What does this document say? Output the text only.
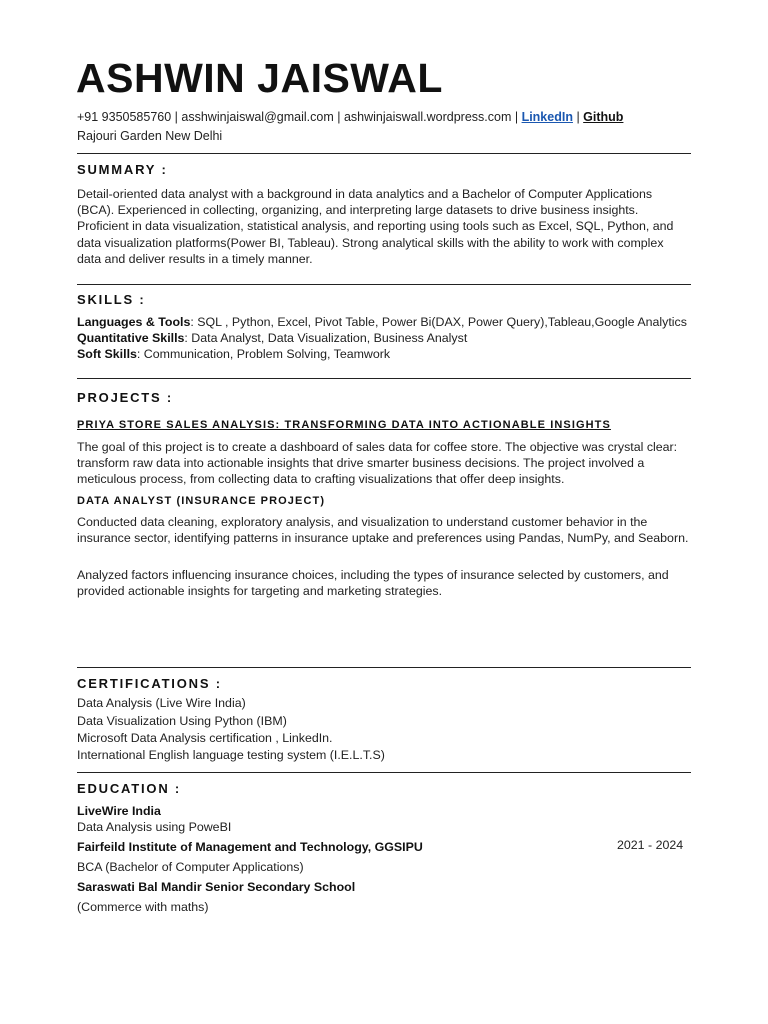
ASHWIN JAISWAL
+91 9350585760 | asshwinjaiswal@gmail.com | ashwinjaiswall.wordpress.com | LinkedIn | Github
Rajouri Garden New Delhi
SUMMARY :
Detail-oriented data analyst with a background in data analytics and a Bachelor of Computer Applications (BCA). Experienced in collecting, organizing, and interpreting large datasets to drive business insights. Proficient in data visualization, statistical analysis, and reporting using tools such as Excel, SQL, Python, and data visualization platforms(Power BI, Tableau). Strong analytical skills with the ability to work with complex data and deliver results in a timely manner.
SKILLS :
Languages & Tools: SQL , Python, Excel, Pivot Table, Power Bi(DAX, Power Query),Tableau,Google Analytics
Quantitative Skills: Data Analyst, Data Visualization, Business Analyst
Soft Skills: Communication, Problem Solving, Teamwork
PROJECTS :
PRIYA STORE SALES ANALYSIS: TRANSFORMING DATA INTO ACTIONABLE INSIGHTS
The goal of this project is to create a dashboard of sales data for coffee store. The objective was crystal clear: transform raw data into actionable insights that drive smarter business decisions. The project involved a meticulous process, from collecting data to crafting visualizations that offer deep insights.
DATA ANALYST (INSURANCE PROJECT)
Conducted data cleaning, exploratory analysis, and visualization to understand customer behavior in the insurance sector, identifying patterns in insurance uptake and preferences using Pandas, NumPy, and Seaborn.
Analyzed factors influencing insurance choices, including the types of insurance selected by customers, and provided actionable insights for targeting and marketing strategies.
CERTIFICATIONS :
Data Analysis (Live Wire India)
Data Visualization Using Python (IBM)
Microsoft Data Analysis certification , LinkedIn.
International English language testing system (I.E.L.T.S)
EDUCATION :
LiveWire India
Data Analysis using PoweBI
Fairfeild Institute of Management and Technology, GGSIPU	2021 - 2024
BCA (Bachelor of Computer Applications)
Saraswati Bal Mandir Senior Secondary School
(Commerce with maths)
